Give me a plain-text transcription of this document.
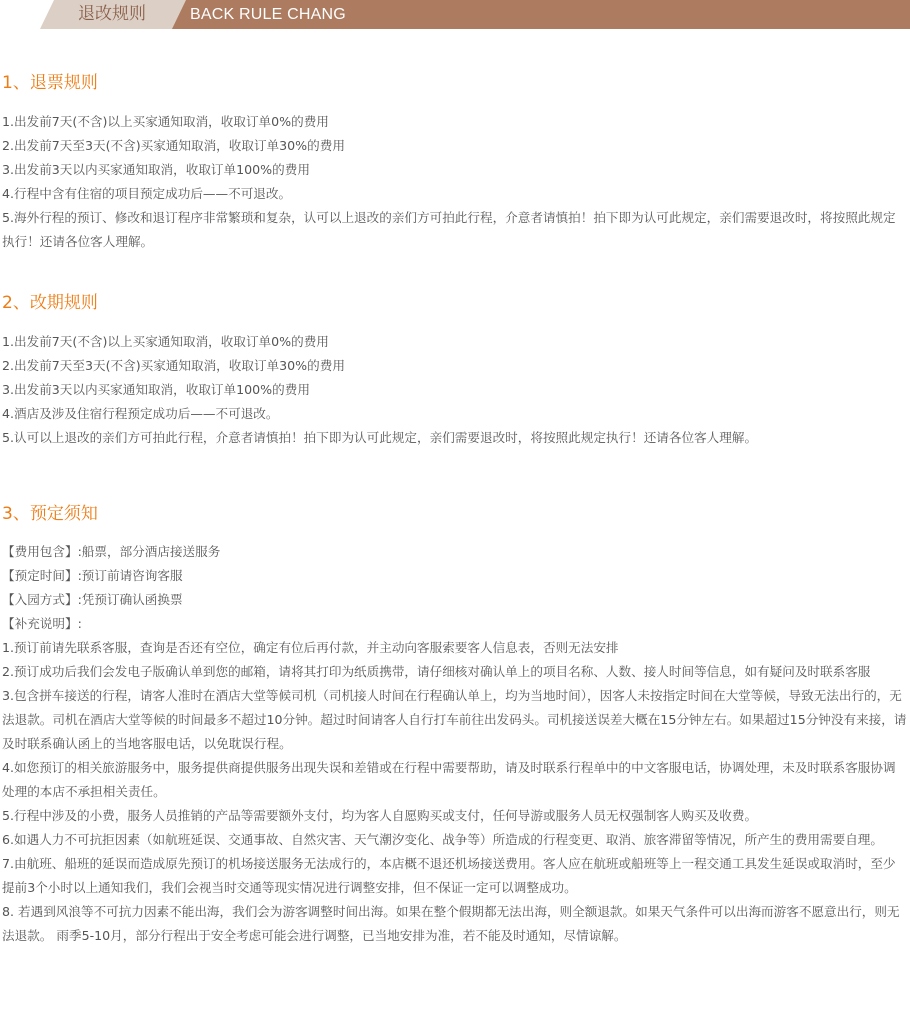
退改规则	BACK RULE CHANG
1、退票规则
1.出发前7天(不含)以上买家通知取消，收取订单0%的费用
2.出发前7天至3天(不含)买家通知取消，收取订单30%的费用
3.出发前3天以内买家通知取消，收取订单100%的费用
4.行程中含有住宿的项目预定成功后——不可退改。
5.海外行程的预订、修改和退订程序非常繁琐和复杂，认可以上退改的亲们方可拍此行程，介意者请慎拍！拍下即为认可此规定，亲们需要退改时，将按照此规定执行！还请各位客人理解。
2、改期规则
1.出发前7天(不含)以上买家通知取消，收取订单0%的费用
2.出发前7天至3天(不含)买家通知取消，收取订单30%的费用
3.出发前3天以内买家通知取消，收取订单100%的费用
4.酒店及涉及住宿行程预定成功后——不可退改。
5.认可以上退改的亲们方可拍此行程，介意者请慎拍！拍下即为认可此规定，亲们需要退改时，将按照此规定执行！还请各位客人理解。
3、预定须知
【费用包含】:船票，部分酒店接送服务
【预定时间】:预订前请咨询客服
【入园方式】:凭预订确认函换票
【补充说明】:
1.预订前请先联系客服，查询是否还有空位，确定有位后再付款，并主动向客服索要客人信息表，否则无法安排
2.预订成功后我们会发电子版确认单到您的邮箱，请将其打印为纸质携带，请仔细核对确认单上的项目名称、人数、接人时间等信息，如有疑问及时联系客服
3.包含拼车接送的行程，请客人准时在酒店大堂等候司机（司机接人时间在行程确认单上，均为当地时间），因客人未按指定时间在大堂等候，导致无法出行的，无法退款。司机在酒店大堂等候的时间最多不超过10分钟。超过时间请客人自行打车前往出发码头。司机接送误差大概在15分钟左右。如果超过15分钟没有来接，请及时联系确认函上的当地客服电话，以免耽误行程。
4.如您预订的相关旅游服务中，服务提供商提供服务出现失误和差错或在行程中需要帮助，请及时联系行程单中的中文客服电话，协调处理，未及时联系客服协调处理的本店不承担相关责任。
5.行程中涉及的小费，服务人员推销的产品等需要额外支付，均为客人自愿购买或支付，任何导游或服务人员无权强制客人购买及收费。
6.如遇人力不可抗拒因素（如航班延误、交通事故、自然灾害、天气潮汐变化、战争等）所造成的行程变更、取消、旅客滞留等情况，所产生的费用需要自理。
7.由航班、船班的延误而造成原先预订的机场接送服务无法成行的，本店概不退还机场接送费用。客人应在航班或船班等上一程交通工具发生延误或取消时，至少提前3个小时以上通知我们，我们会视当时交通等现实情况进行调整安排，但不保证一定可以调整成功。
8. 若遇到风浪等不可抗力因素不能出海，我们会为游客调整时间出海。如果在整个假期都无法出海，则全额退款。如果天气条件可以出海而游客不愿意出行，则无法退款。 雨季5-10月，部分行程出于安全考虑可能会进行调整，已当地安排为准，若不能及时通知，尽情谅解。
